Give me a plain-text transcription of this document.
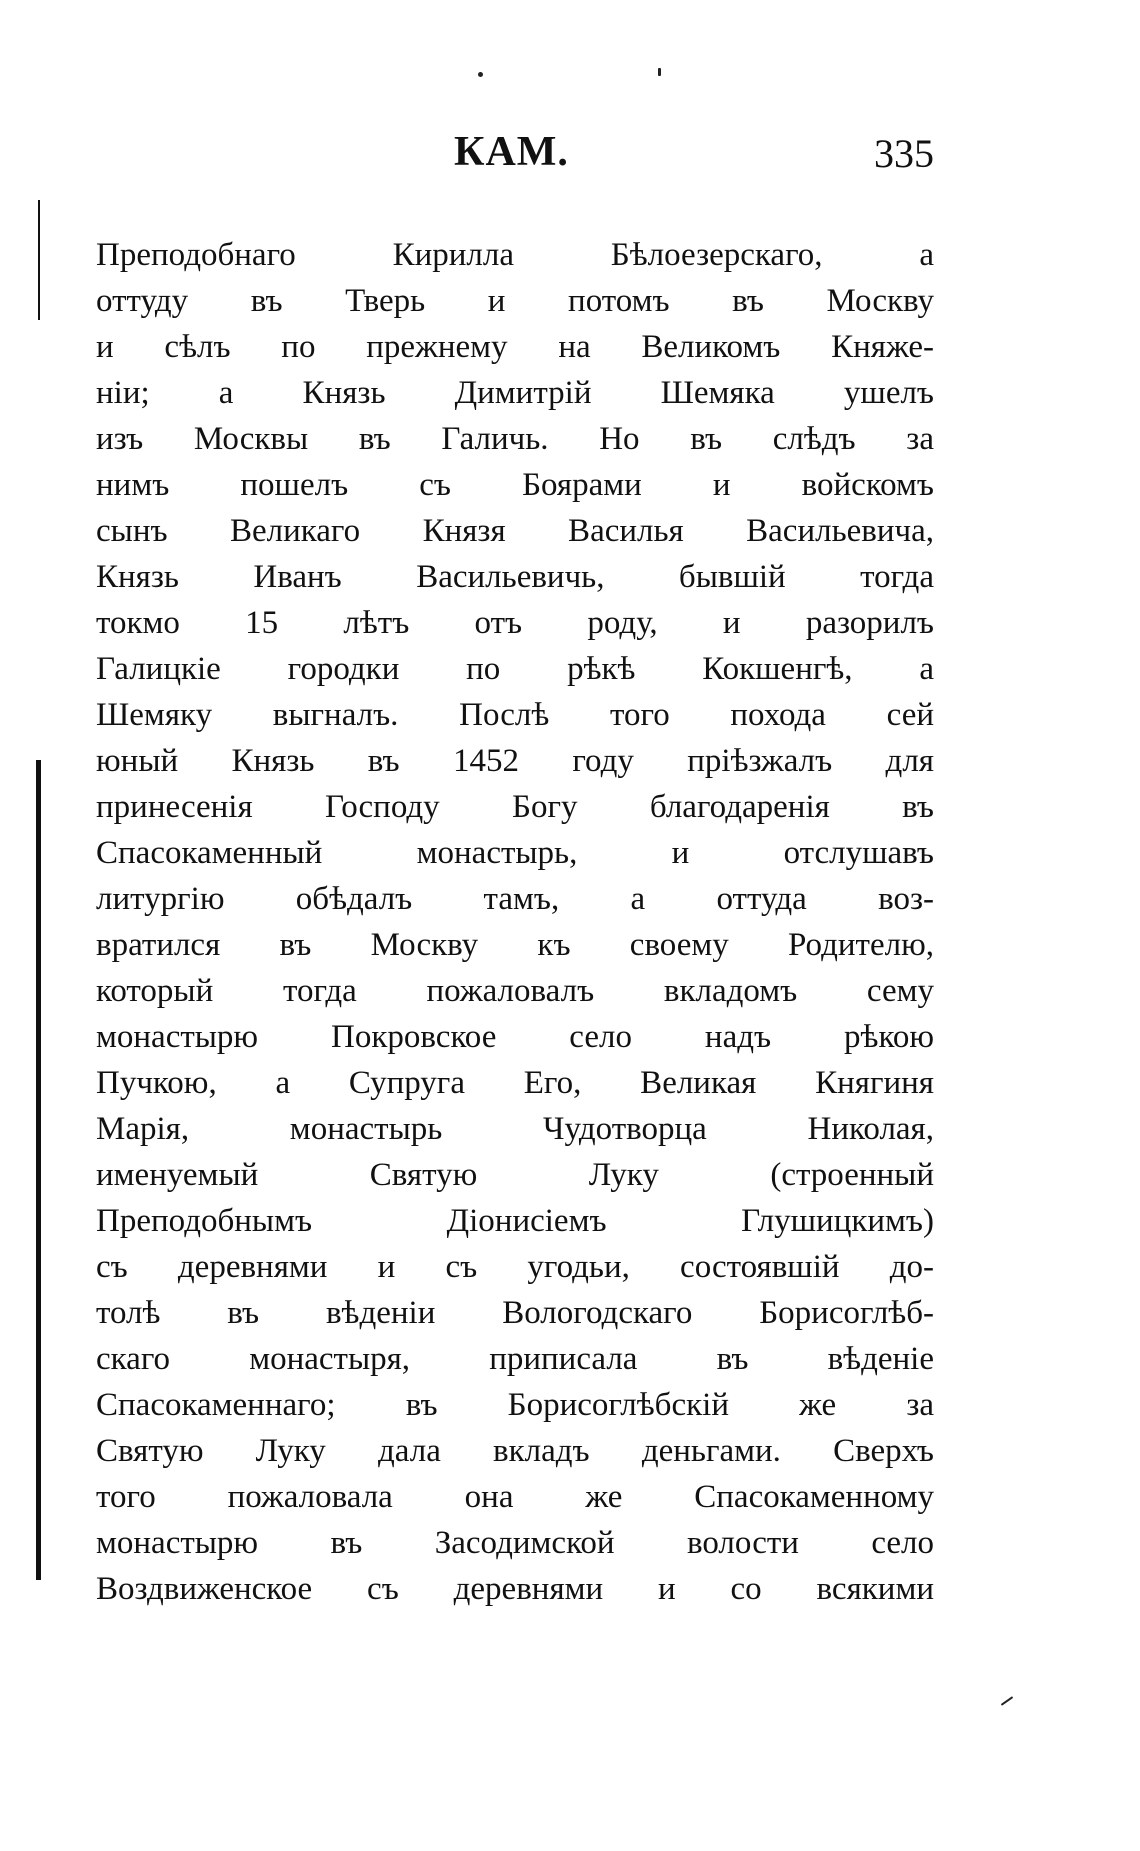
КАМ.	335
Преподобнаго Кирилла Бѣлоезерскаго, а
оттуду въ Тверь и потомъ въ Москву
и сѣлъ по прежнему на Великомъ Княже-
ніи; а Князь Димитрій Шемяка ушелъ
изъ Москвы въ Галичь. Но въ слѣдъ за
нимъ пошелъ съ Боярами и войскомъ
сынъ Великаго Князя Василья Васильевича,
Князь Иванъ Васильевичь, бывшій тогда
токмо 15 лѣтъ отъ роду, и разорилъ
Галицкіе городки по рѣкѣ Кокшенгѣ, а
Шемяку выгналъ. Послѣ того похода сей
юный Князь въ 1452 году пріѣзжалъ для
принесенія Господу Богу благодаренія въ
Спасокаменный монастырь, и отслушавъ
литургію обѣдалъ тамъ, а оттуда воз-
вратился въ Москву къ своему Родителю,
который тогда пожаловалъ вкладомъ сему
монастырю Покровское село надъ рѣкою
Пучкою, а Супруга Его, Великая Княгиня
Марія, монастырь Чудотворца Николая,
именуемый Святую Луку (строенный
Преподобнымъ Діонисіемъ Глушицкимъ)
съ деревнями и съ угодьи, состоявшій до-
толѣ въ вѣденіи Вологодскаго Борисоглѣб-
скаго монастыря, приписала въ вѣденіе
Спасокаменнаго; въ Борисоглѣбскій же за
Святую Луку дала вкладъ деньгами. Сверхъ
того пожаловала она же Спасокаменному
монастырю въ Засодимской волости село
Воздвиженское съ деревнями и со всякими
